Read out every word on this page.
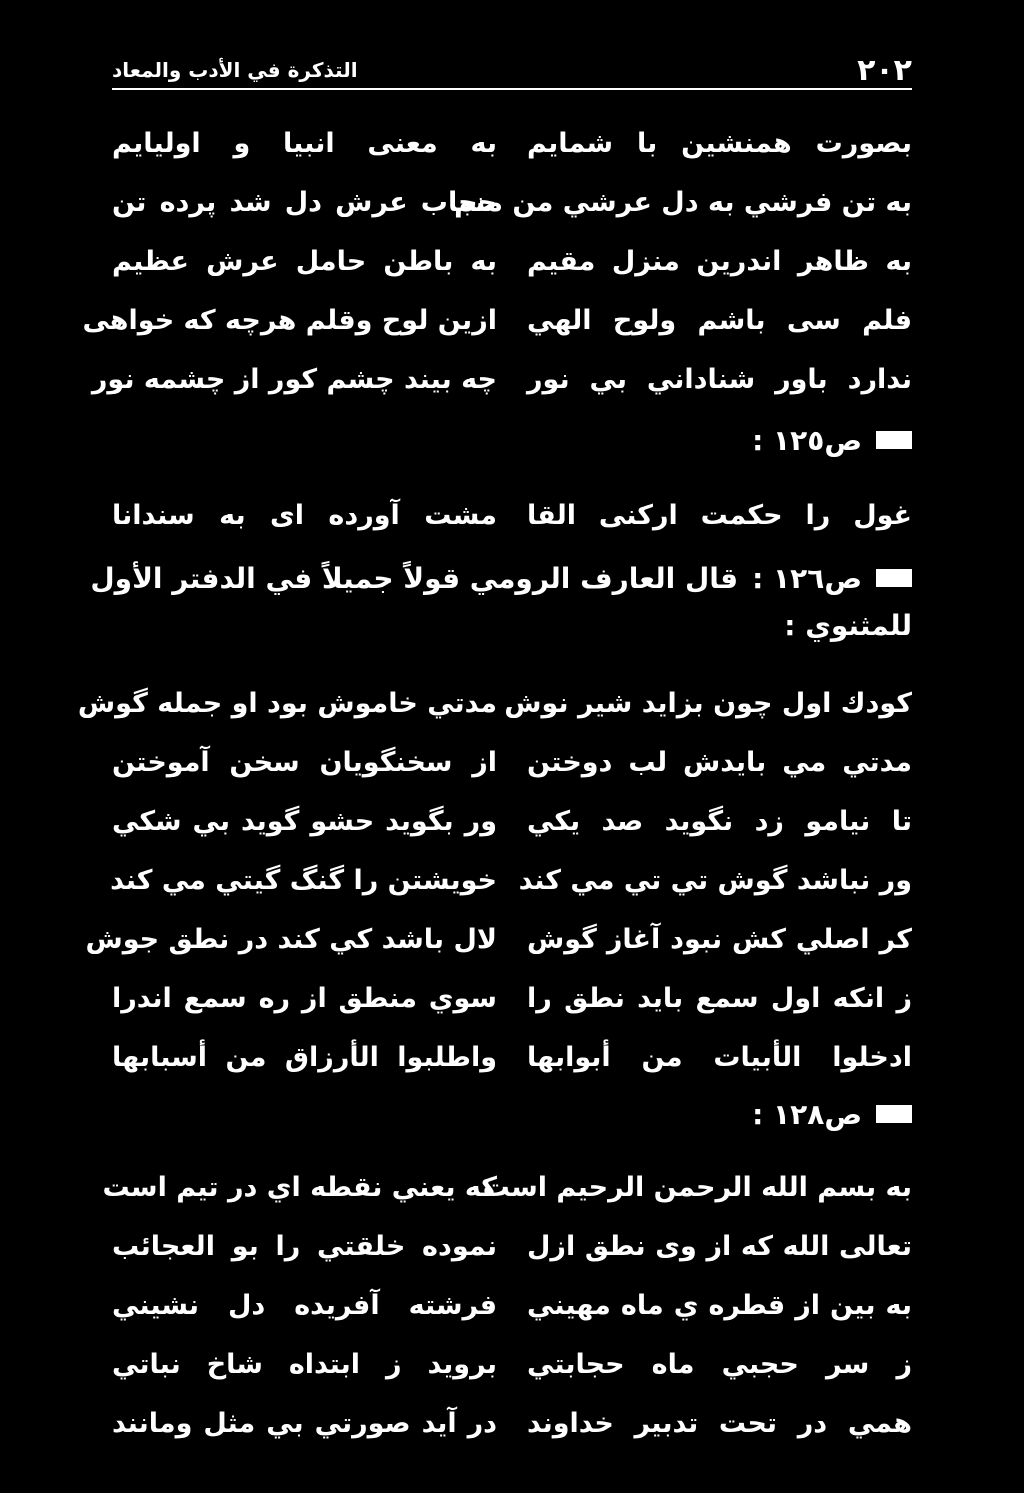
۲۰۲
التذكرة في الأدب والمعاد
بصورت همنشین با شمایم
به معنی انبیا و اولیایم
به تن فرشي به دل عرشي من منم
حجاب عرش دل شد پرده تن
به ظاهر اندرين منزل مقيم
به باطن حامل عرش عظيم
فلم سی باشم ولوح الهي
ازین لوح وقلم هرچه که خواهی
ندارد باور شناداني بي نور
چه بيند چشم كور از چشمه نور
ص١٢٥ :
غول را حکمت ارکنی القا
مشت آورده ای به سندانا
ص١٢٦ :
قال العارف الرومي قولاً جميلاً في الدفتر الأول
للمثنوي :
کودك اول چون بزايد شير نوش
مدتي خاموش بود او جمله گوش
مدتي مي بايدش لب دوختن
از سخنگويان سخن آموختن
تا نيامو زد نگويد صد يكي
ور بگويد حشو گويد بي شكي
ور نباشد گوش تي تي مي كند
خويشتن را گنگ گيتي مي كند
كر اصلي كش نبود آغاز گوش
لال باشد كي كند در نطق جوش
ز انكه اول سمع بايد نطق را
سوي منطق از ره سمع اندرا
ادخلوا الأبيات من أبوابها
واطلبوا الأرزاق من أسبابها
ص١٢٨ :
به بسم الله الرحمن الرحيم است
كه يعني نقطه اي در تيم است
تعالى الله كه از وى نطق ازل
نموده خلقتي را بو العجائب
به بين از قطره ي ماه مهيني
فرشته آفريده دل نشيني
ز سر حجبي ماه حجابتي
بروید ز ابتداه شاخ نباتي
همي در تحت تدبير خداوند
در آيد صورتي بي مثل ومانند
